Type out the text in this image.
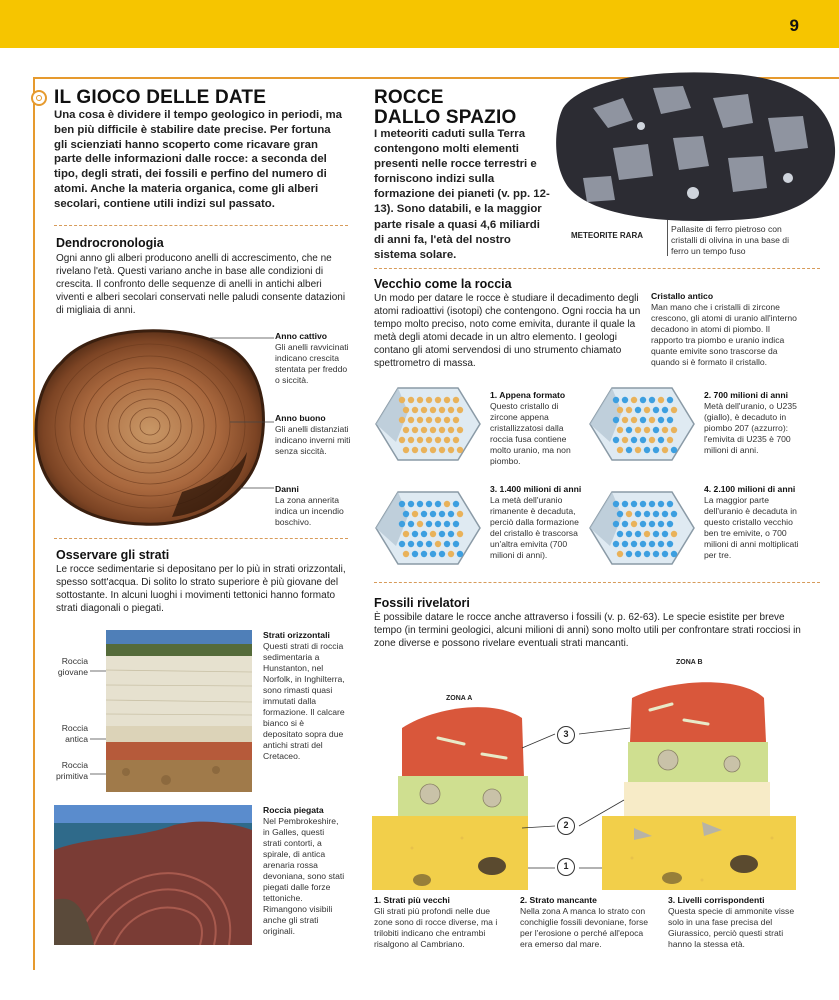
9
IL GIOCO DELLE DATE
Una cosa è dividere il tempo geologico in periodi, ma ben più difficile è stabilire date precise. Per fortuna gli scienziati hanno scoperto come ricavare gran parte delle informazioni dalle rocce: a seconda del tipo, degli strati, dei fossili e perfino del numero di atomi. Anche la materia organica, come gli alberi secolari, contiene utili indizi sul passato.
Dendrocronologia
Ogni anno gli alberi producono anelli di accrescimento, che ne rivelano l'età. Questi variano anche in base alle condizioni di crescita. Il confronto delle sequenze di anelli in antichi alberi viventi e alberi secolari conservati nelle paludi consente datazioni di migliaia di anni.
Anno cattivo
Gli anelli ravvicinati indicano crescita stentata per freddo o siccità.
Anno buono
Gli anelli distanziati indicano inverni miti senza siccità.
Danni
La zona annerita indica un incendio boschivo.
Osservare gli strati
Le rocce sedimentarie si depositano per lo più in strati orizzontali, spesso sott'acqua. Di solito lo strato superiore è più giovane del sottostante. In alcuni luoghi i movimenti tettonici hanno formato strati diagonali o piegati.
Roccia giovane
Roccia antica
Roccia primitiva
Strati orizzontali
Questi strati di roccia sedimentaria a Hunstanton, nel Norfolk, in Inghilterra, sono rimasti quasi immutati dalla formazione. Il calcare bianco si è depositato sopra due antichi strati del Cretaceo.
Roccia piegata
Nel Pembrokeshire, in Galles, questi strati contorti, a spirale, di antica arenaria rossa devoniana, sono stati piegati dalle forze tettoniche. Rimangono visibili anche gli strati originali.
ROCCE
DALLO SPAZIO
I meteoriti caduti sulla Terra contengono molti elementi presenti nelle rocce terrestri e forniscono indizi sulla formazione dei pianeti (v. pp. 12-13). Sono databili, e la maggior parte risale a quasi 4,6 miliardi di anni fa, l'età del nostro sistema solare.
METEORITE RARA
Pallasite di ferro pietroso con cristalli di olivina in una base di ferro un tempo fuso
Vecchio come la roccia
Un modo per datare le rocce è studiare il decadimento degli atomi radioattivi (isotopi) che contengono. Ogni roccia ha un tempo molto preciso, noto come emivita, durante il quale la metà degli atomi decade in un altro elemento. I geologi contano gli atomi servendosi di uno strumento chiamato spettrometro di massa.
Cristallo antico
Man mano che i cristalli di zircone crescono, gli atomi di uranio all'interno decadono in atomi di piombo. Il rapporto tra piombo e uranio indica quante emivite sono trascorse da quando si è formato il cristallo.
1. Appena formato
Questo cristallo di zircone appena cristallizzatosi dalla roccia fusa contiene molto uranio, ma non piombo.
2. 700 milioni di anni
Metà dell'uranio, o U235 (giallo), è decaduto in piombo 207 (azzurro): l'emivita di U235 è 700 milioni di anni.
3. 1.400 milioni di anni
La metà dell'uranio rimanente è decaduta, perciò dalla formazione del cristallo è trascorsa un'altra emivita (700 milioni di anni).
4. 2.100 milioni di anni
La maggior parte dell'uranio è decaduta in questo cristallo vecchio ben tre emivite, o 700 milioni di anni moltiplicati per tre.
Fossili rivelatori
È possibile datare le rocce anche attraverso i fossili (v. p. 62-63). Le specie esistite per breve tempo (in termini geologici, alcuni milioni di anni) sono molto utili per confrontare strati rocciosi in zone diverse e possono rivelare eventuali strati mancanti.
ZONA A
ZONA B
3
2
1
1. Strati più vecchi
Gli strati più profondi nelle due zone sono di rocce diverse, ma i trilobiti indicano che entrambi risalgono al Cambriano.
2. Strato mancante
Nella zona A manca lo strato con conchiglie fossili devoniane, forse per l'erosione o perché all'epoca era emerso dal mare.
3. Livelli corrispondenti
Questa specie di ammonite visse solo in una fase precisa del Giurassico, perciò questi strati hanno la stessa età.
